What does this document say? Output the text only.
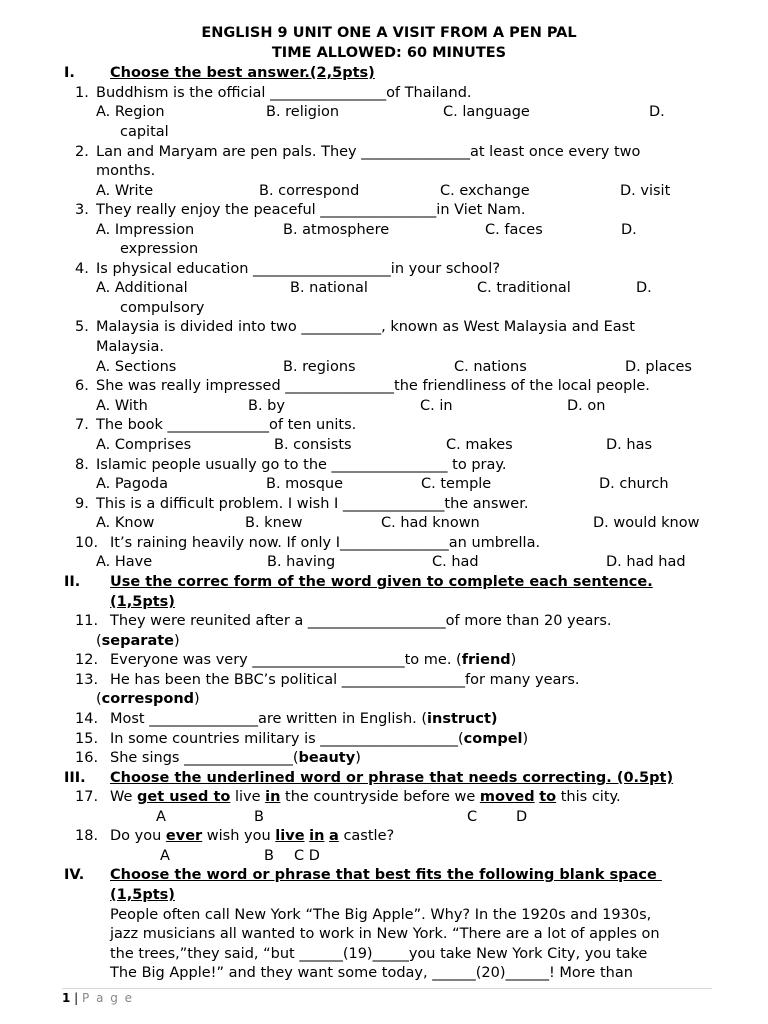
ENGLISH 9 UNIT ONE A VISIT FROM A PEN PAL
TIME ALLOWED: 60 MINUTES
I. Choose the best answer.(2,5pts)
1. Buddhism is the official ________________of Thailand.
A. Region	B. religion	C. language	D.
capital
2. Lan and Maryam are pen pals. They _______________at least once every two
months.
A. Write	B. correspond	C. exchange	D. visit
3. They really enjoy the peaceful ________________in Viet Nam.
A. Impression	B. atmosphere	C. faces	D.
expression
4. Is physical education ___________________in your school?
A. Additional	B. national	C. traditional	D.
compulsory
5. Malaysia is divided into two ___________, known as West Malaysia and East
Malaysia.
A. Sections	B. regions	C. nations	D. places
6. She was really impressed _______________the friendliness of the local people.
A. With	B. by	C. in	D. on
7. The book ______________of ten units.
A. Comprises	B. consists	C. makes	D. has
8. Islamic people usually go to the ________________ to pray.
A. Pagoda	B. mosque	C. temple	D. church
9. This is a difficult problem. I wish I ______________the answer.
A. Know	B. knew	C. had known	D. would know
10. It’s raining heavily now. If only I_______________an umbrella.
A. Have	B. having	C. had	D. had had
II. Use the correc form of the word given to complete each sentence.
(1,5pts)
11. They were reunited after a ___________________of more than 20 years.
(separate)
12. Everyone was very _____________________to me. (friend)
13. He has been the BBC’s political _________________for many years.
(correspond)
14. Most _______________are written in English. (instruct)
15. In some countries military is ___________________(compel)
16. She sings _______________(beauty)
III. Choose the underlined word or phrase that needs correcting. (0.5pt)
17. We get used to live in the countryside before we moved to this city.
A	B	C	D
18. Do you ever wish you live in a castle?
A	B C D
IV. Choose the word or phrase that best fits the following blank space
(1,5pts)
People often call New York “The Big Apple”. Why? In the 1920s and 1930s,
jazz musicians all wanted to work in New York. “There are a lot of apples on
the trees,”they said, “but ______(19)_____you take New York City, you take
The Big Apple!” and they want some today, ______(20)______! More than
1 | P a g e
